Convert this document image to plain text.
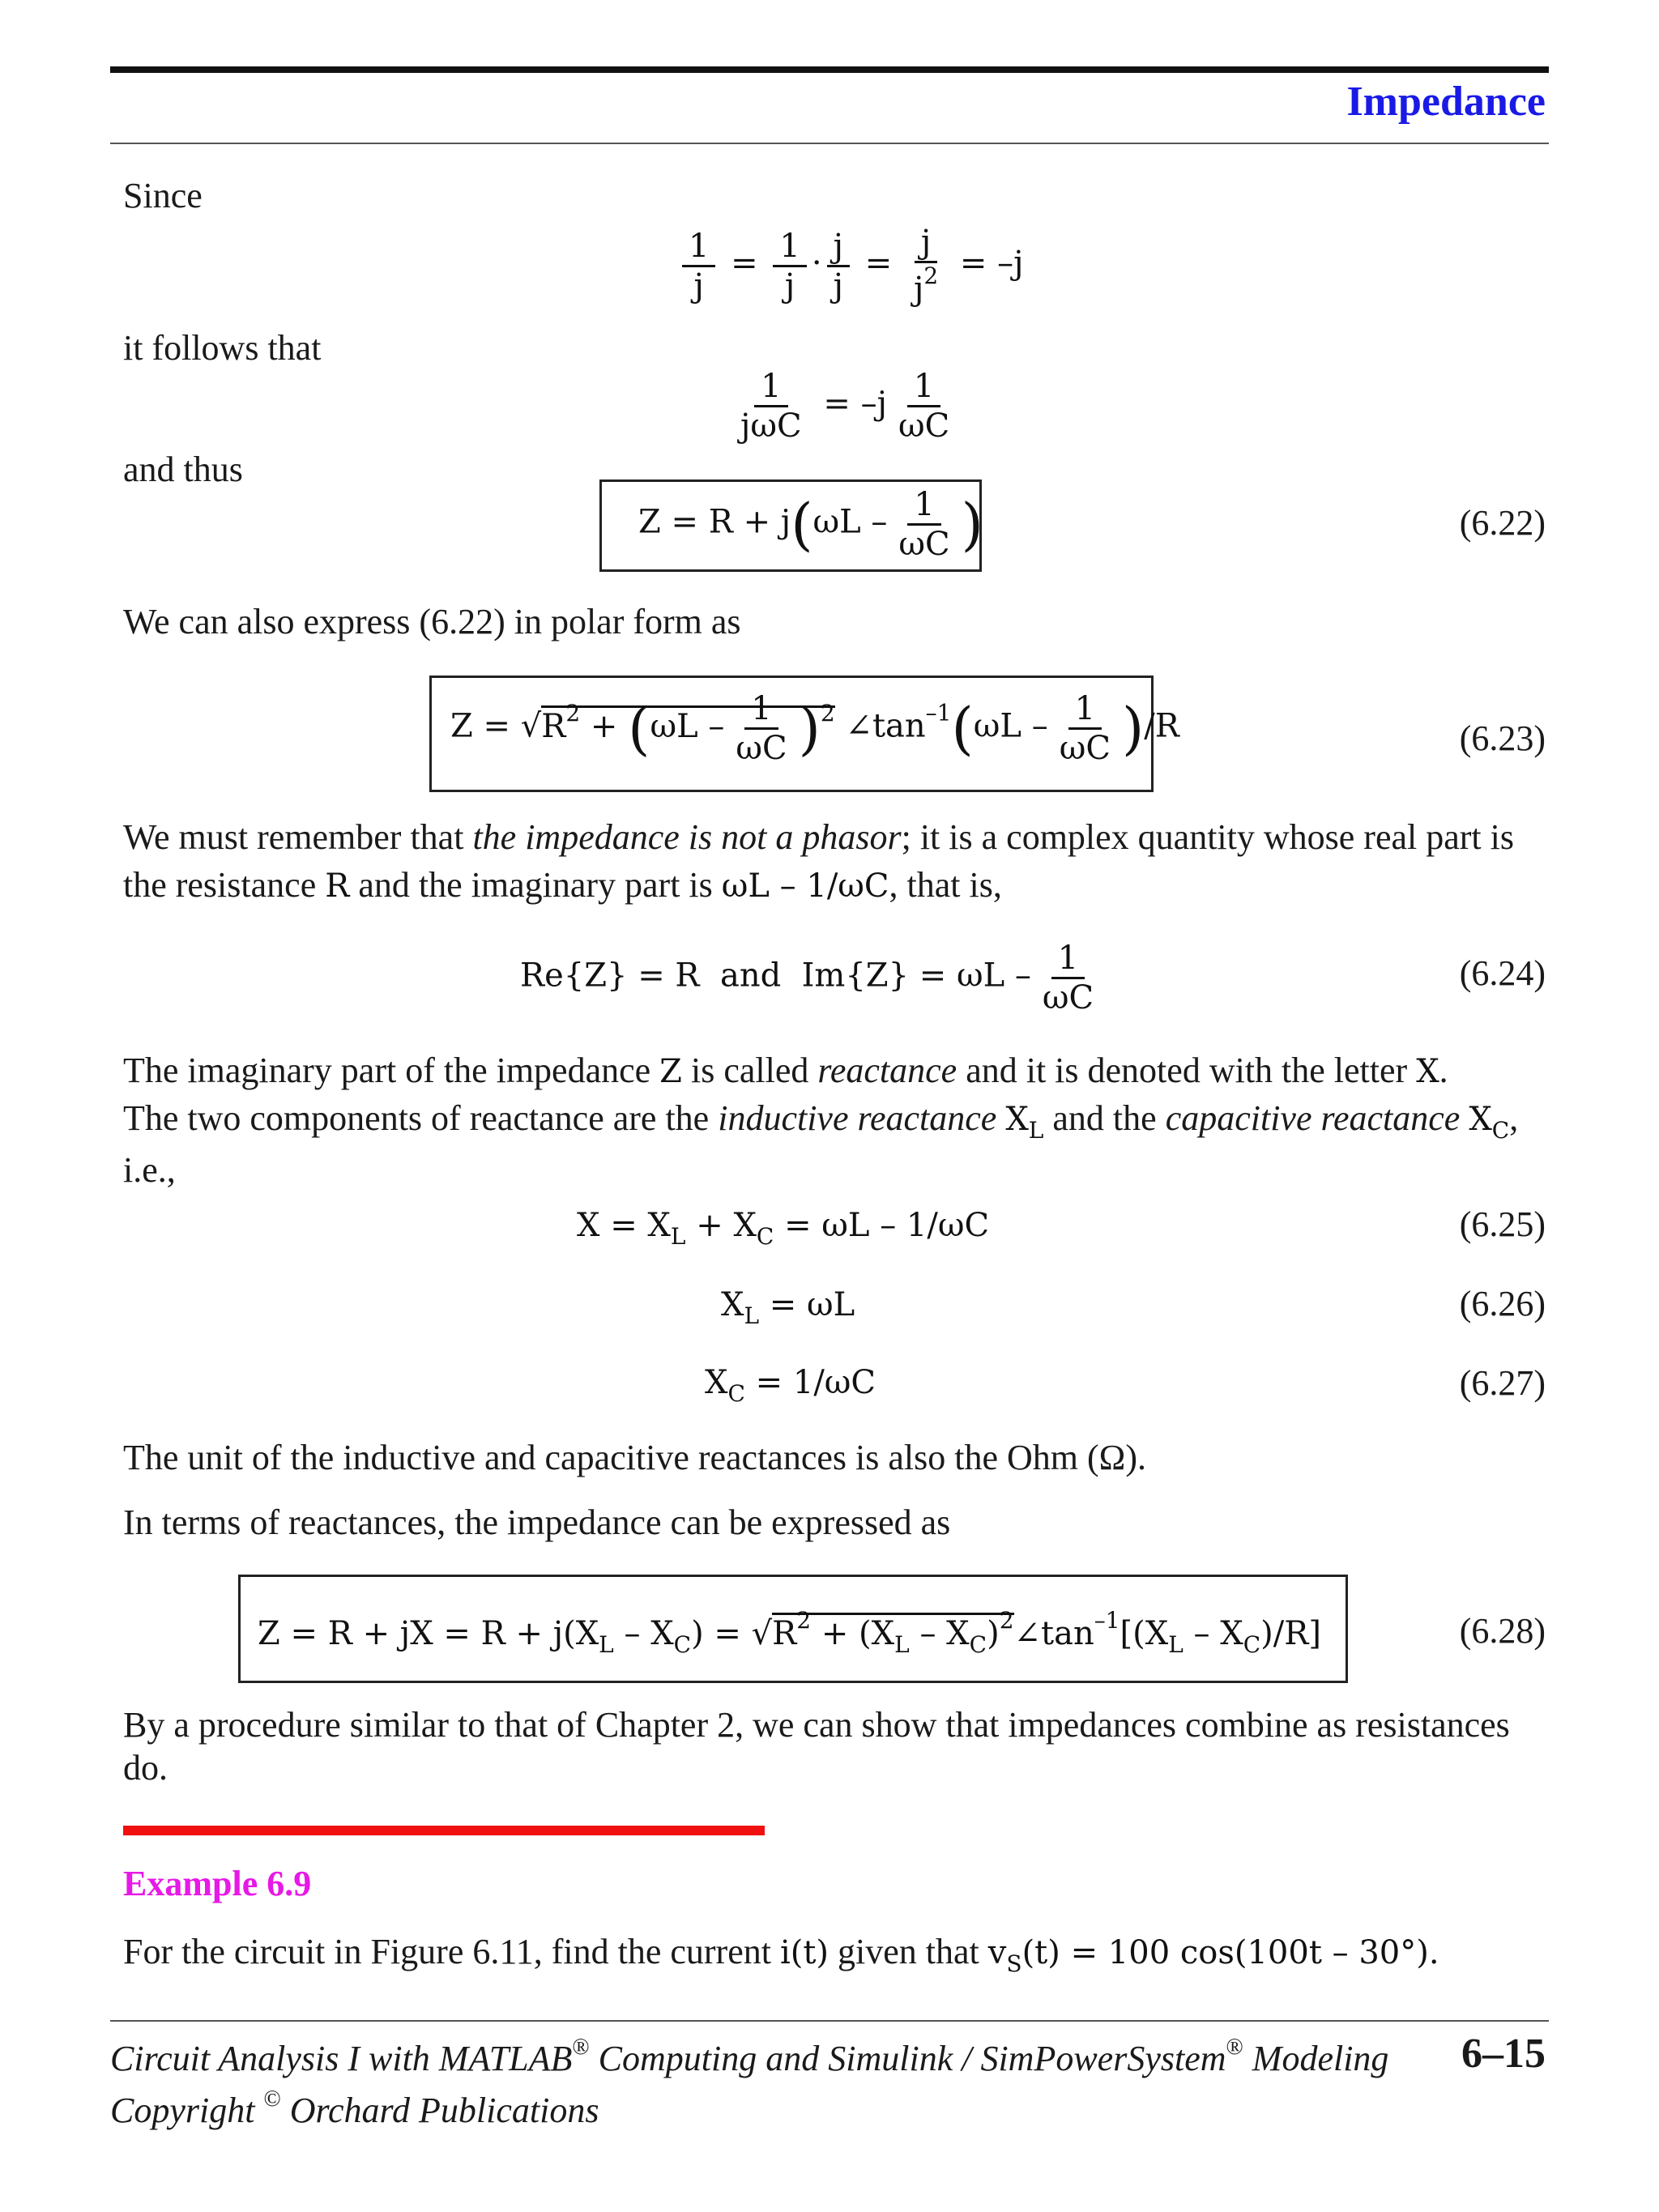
Impedance
Since
$\frac{1}{j} = \frac{1}{j} \cdot \frac{j}{j} = \frac{j}{j^2} = -j$
it follows that
$\frac{1}{\text{jωC}} = -j \frac{1}{\omega C}$
and thus
$Z = R + j(\omega L - \frac{1}{\omega C}$ )	(6.22)
We can also express (6.22) in polar form as
$Z = √R^2 + (\omega L - \frac{1}{\omega C} )^2$ $\angle\tan^{-1}(\omega L - \frac{1}{\omega C} )/R$	(6.23)
We must remember that the impedance is not a phasor; it is a complex quantity whose real part is
the resistance R and the imaginary part is ωL – 1/ωC, that is,
Re{Z} = R  and  $Im\{Z\} = \omega L - \frac{1}{\omega C}$	(6.24)
The imaginary part of the impedance Z is called reactance and it is denoted with the letter X.
The two components of reactance are the inductive reactance $X_L$ and the capacitive reactance $X_C$,
i.e.,
$X = X_L + X_C = \omega L - 1/\omega C$	(6.25)
$X_L = \omega L$	(6.26)
$X_C = 1/\omega C$	(6.27)
The unit of the inductive and capacitive reactances is also the Ohm (Ω).
In terms of reactances, the impedance can be expressed as
Z = R + jX = $R + j(X_L - X_C) = √R^2 + (X_L$ – $X_C)^2\angle\tan^{-1}[(X_L - X_C)/R]$	(6.28)
By a procedure similar to that of Chapter 2, we can show that impedances combine as resistances
do.
Example 6.9
For the circuit in Figure 6.11, find the current i(t) given that $v_S(t) = 100$ cos(100t – 30°).
Circuit Analysis I with MATLAB® Computing and Simulink / SimPowerSystem® Modeling
Copyright © Orchard Publications
6–15
